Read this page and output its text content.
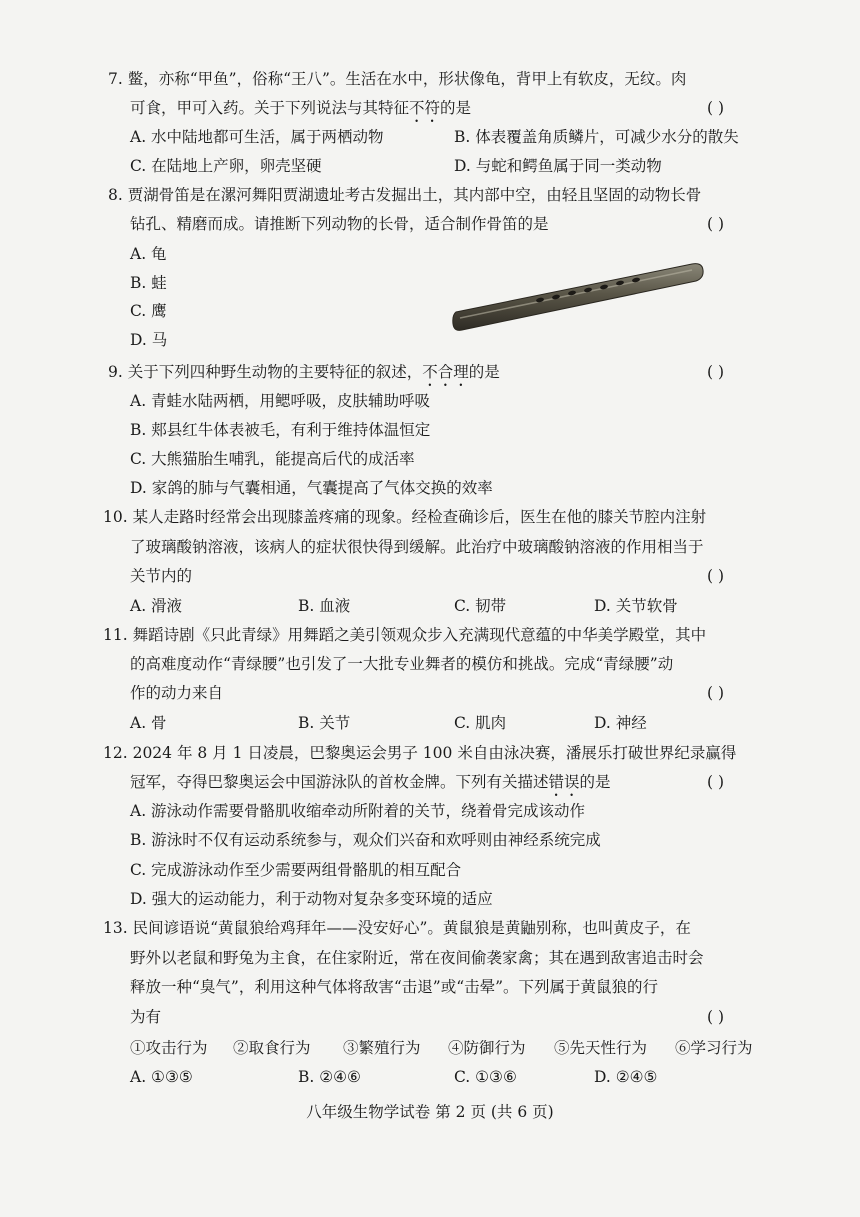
7. 鳖，亦称“甲鱼”，俗称“王八”。生活在水中，形状像龟，背甲上有软皮，无纹。肉
可食，甲可入药。关于下列说法与其特征不符的是	( )
A. 水中陆地都可生活，属于两栖动物	B. 体表覆盖角质鳞片，可减少水分的散失
C. 在陆地上产卵，卵壳坚硬	D. 与蛇和鳄鱼属于同一类动物
8. 贾湖骨笛是在漯河舞阳贾湖遗址考古发掘出土，其内部中空，由轻且坚固的动物长骨
钻孔、精磨而成。请推断下列动物的长骨，适合制作骨笛的是	( )
A. 龟
B. 蛙
C. 鹰
D. 马
9. 关于下列四种野生动物的主要特征的叙述，不合理的是	( )
A. 青蛙水陆两栖，用鳃呼吸，皮肤辅助呼吸
B. 郏县红牛体表被毛，有利于维持体温恒定
C. 大熊猫胎生哺乳，能提高后代的成活率
D. 家鸽的肺与气囊相通，气囊提高了气体交换的效率
10. 某人走路时经常会出现膝盖疼痛的现象。经检查确诊后，医生在他的膝关节腔内注射
了玻璃酸钠溶液，该病人的症状很快得到缓解。此治疗中玻璃酸钠溶液的作用相当于
关节内的	( )
A. 滑液	B. 血液	C. 韧带	D. 关节软骨
11. 舞蹈诗剧《只此青绿》用舞蹈之美引领观众步入充满现代意蕴的中华美学殿堂，其中
的高难度动作“青绿腰”也引发了一大批专业舞者的模仿和挑战。完成“青绿腰”动
作的动力来自	( )
A. 骨	B. 关节	C. 肌肉	D. 神经
12. 2024 年 8 月 1 日凌晨，巴黎奥运会男子 100 米自由泳决赛，潘展乐打破世界纪录赢得
冠军，夺得巴黎奥运会中国游泳队的首枚金牌。下列有关描述错误的是	( )
A. 游泳动作需要骨骼肌收缩牵动所附着的关节，绕着骨完成该动作
B. 游泳时不仅有运动系统参与，观众们兴奋和欢呼则由神经系统完成
C. 完成游泳动作至少需要两组骨骼肌的相互配合
D. 强大的运动能力，利于动物对复杂多变环境的适应
13. 民间谚语说“黄鼠狼给鸡拜年——没安好心”。黄鼠狼是黄鼬别称，也叫黄皮子，在
野外以老鼠和野兔为主食，在住家附近，常在夜间偷袭家禽；其在遇到敌害追击时会
释放一种“臭气”，利用这种气体将敌害“击退”或“击晕”。下列属于黄鼠狼的行
为有	( )
①攻击行为 ②取食行为 ③繁殖行为 ④防御行为 ⑤先天性行为 ⑥学习行为
A. ①③⑤	B. ②④⑥	C. ①③⑥	D. ②④⑤
八年级生物学试卷 第 2 页 (共 6 页)
